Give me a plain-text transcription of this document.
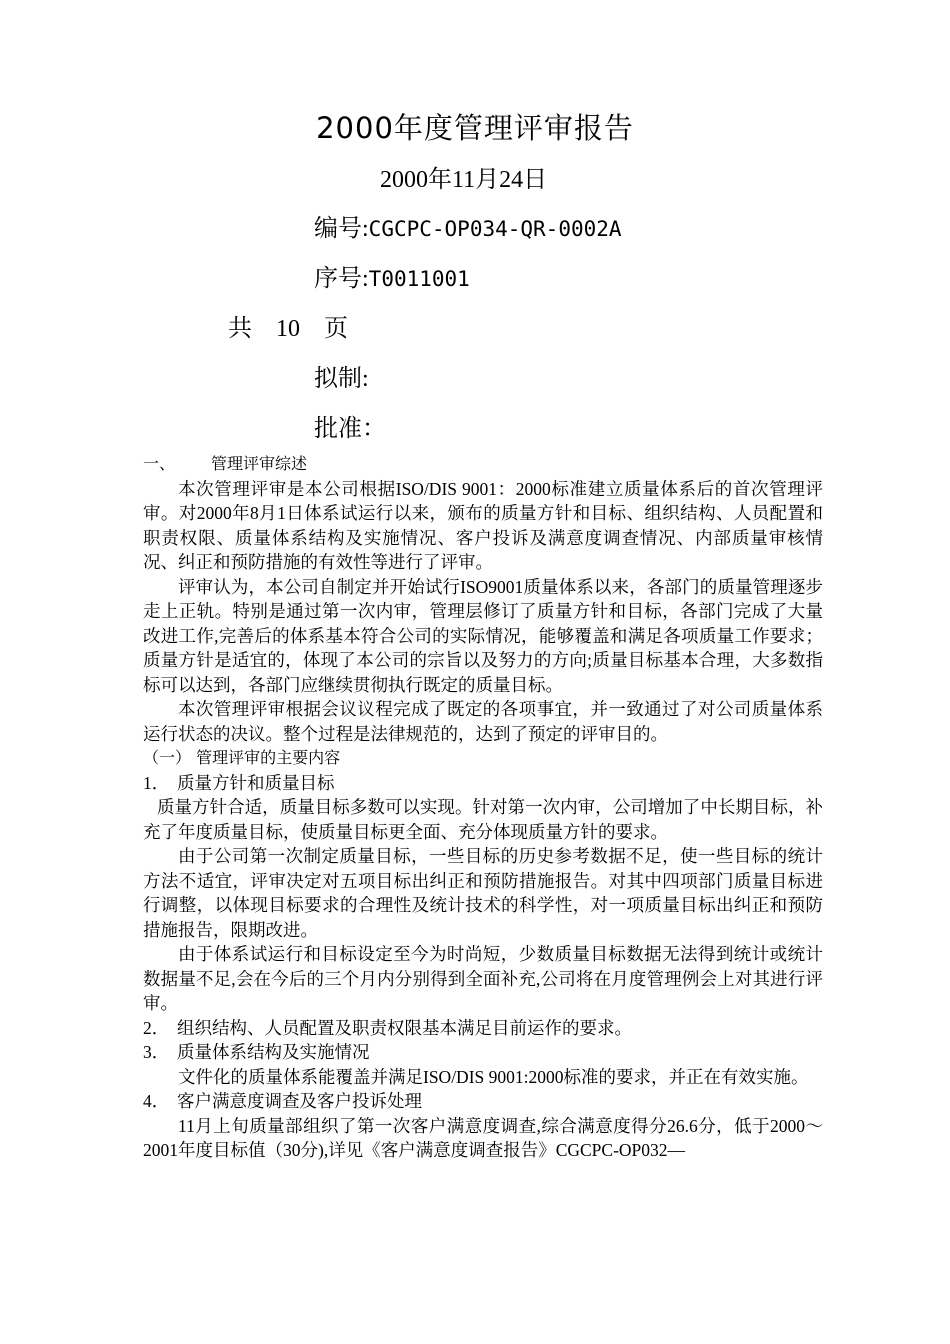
2000年度管理评审报告
2000年11月24日
编号:CGCPC-OP034-QR-0002A
序号:T0011001
共　10　页
拟制:
批准：
一、 管理评审综述

本次管理评审是本公司根据ISO/DIS 9001：2000标准建立质量体系后的首次管理评审。对2000年8月1日体系试运行以来，颁布的质量方针和目标、组织结构、人员配置和职责权限、质量体系结构及实施情况、客户投诉及满意度调查情况、内部质量审核情况、纠正和预防措施的有效性等进行了评审。

评审认为，本公司自制定并开始试行ISO9001质量体系以来，各部门的质量管理逐步走上正轨。特别是通过第一次内审，管理层修订了质量方针和目标，各部门完成了大量改进工作,完善后的体系基本符合公司的实际情况，能够覆盖和满足各项质量工作要求；质量方针是适宜的，体现了本公司的宗旨以及努力的方向;质量目标基本合理，大多数指标可以达到，各部门应继续贯彻执行既定的质量目标。

本次管理评审根据会议议程完成了既定的各项事宜，并一致通过了对公司质量体系运行状态的决议。整个过程是法律规范的，达到了预定的评审目的。

（一） 管理评审的主要内容
1． 质量方针和质量目标

质量方针合适，质量目标多数可以实现。针对第一次内审，公司增加了中长期目标，补充了年度质量目标，使质量目标更全面、充分体现质量方针的要求。

由于公司第一次制定质量目标，一些目标的历史参考数据不足，使一些目标的统计方法不适宜，评审决定对五项目标出纠正和预防措施报告。对其中四项部门质量目标进行调整，以体现目标要求的合理性及统计技术的科学性，对一项质量目标出纠正和预防措施报告，限期改进。

由于体系试运行和目标设定至今为时尚短，少数质量目标数据无法得到统计或统计数据量不足,会在今后的三个月内分别得到全面补充,公司将在月度管理例会上对其进行评审。

2． 组织结构、人员配置及职责权限基本满足目前运作的要求。
3． 质量体系结构及实施情况

文件化的质量体系能覆盖并满足ISO/DIS 9001:2000标准的要求，并正在有效实施。

4． 客户满意度调查及客户投诉处理

11月上旬质量部组织了第一次客户满意度调查,综合满意度得分26.6分，低于2000～2001年度目标值（30分),详见《客户满意度调查报告》CGCPC-OP032—
